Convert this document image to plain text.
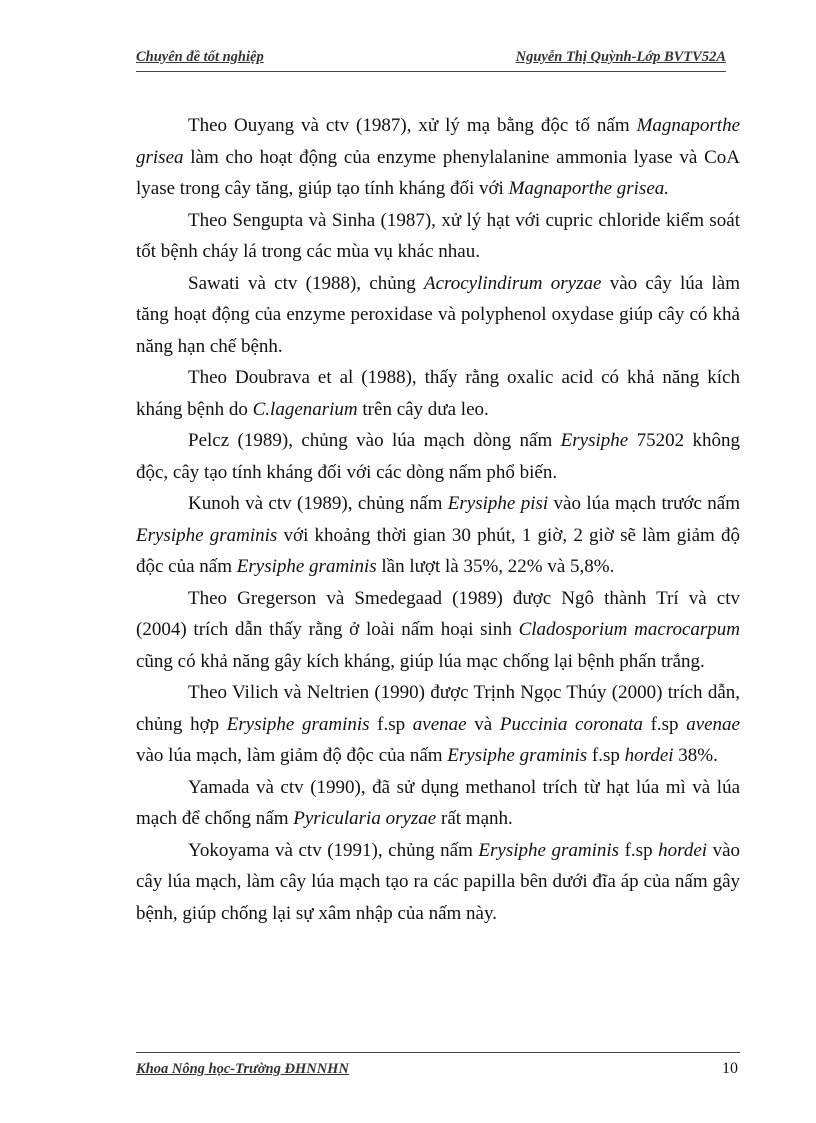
Chuyên đề tốt nghiệp	Nguyễn Thị Quỳnh-Lớp BVTV52A

Theo Ouyang và ctv (1987), xử lý mạ bằng độc tố nấm Magnaporthe grisea làm cho hoạt động của enzyme phenylalanine ammonia lyase và CoA lyase trong cây tăng, giúp tạo tính kháng đối với Magnaporthe grisea.

Theo Sengupta và Sinha (1987), xử lý hạt với cupric chloride kiểm soát tốt bệnh cháy lá trong các mùa vụ khác nhau.

Sawati và ctv (1988), chủng Acrocylindirum oryzae vào cây lúa làm tăng hoạt động của enzyme peroxidase và polyphenol oxydase giúp cây có khả năng hạn chế bệnh.

Theo Doubrava et al (1988), thấy rằng oxalic acid có khả năng kích kháng bệnh do C.lagenarium trên cây dưa leo.

Pelcz (1989), chủng vào lúa mạch dòng nấm Erysiphe 75202 không độc, cây tạo tính kháng đối với các dòng nấm phổ biến.

Kunoh và ctv (1989), chủng nấm Erysiphe pisi vào lúa mạch trước nấm Erysiphe graminis với khoảng thời gian 30 phút, 1 giờ, 2 giờ sẽ làm giảm độ độc của nấm Erysiphe graminis lần lượt là 35%, 22% và 5,8%.

Theo Gregerson và Smedegaad (1989) được Ngô thành Trí và ctv (2004) trích dẫn thấy rằng ở loài nấm hoại sinh Cladosporium macrocarpum cũng có khả năng gây kích kháng, giúp lúa mạc chống lại bệnh phấn trắng.

Theo Vilich và Neltrien (1990) được Trịnh Ngọc Thúy (2000) trích dẫn, chủng hợp Erysiphe graminis f.sp avenae và Puccinia coronata f.sp avenae vào lúa mạch, làm giảm độ độc của nấm Erysiphe graminis f.sp hordei 38%.

Yamada và ctv (1990), đã sử dụng methanol trích từ hạt lúa mì và lúa mạch để chống nấm Pyricularia oryzae rất mạnh.

Yokoyama và ctv (1991), chủng nấm Erysiphe graminis f.sp hordei vào cây lúa mạch, làm cây lúa mạch tạo ra các papilla bên dưới đĩa áp của nấm gây bệnh, giúp chống lại sự xâm nhập của nấm này.

Khoa Nông học-Trường ĐHNNHN	10
